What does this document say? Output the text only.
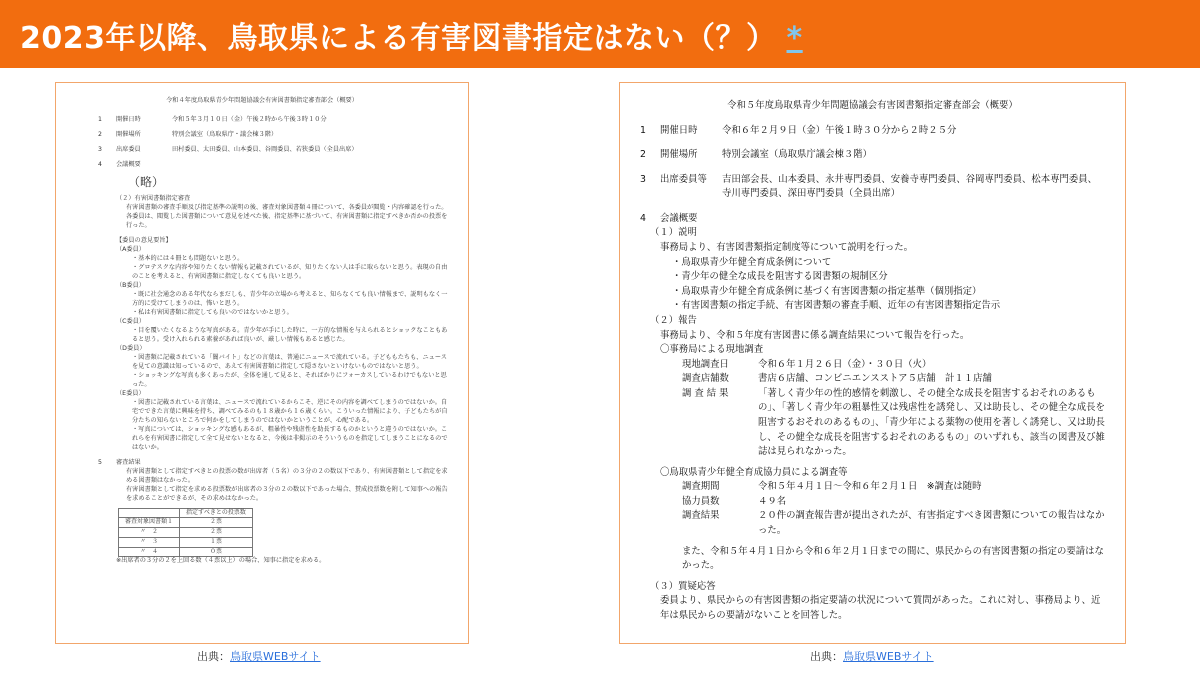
2023年以降、鳥取県による有害図書指定はない（？） *
令和４年度鳥取県青少年問題協議会有害図書類指定審査部会（概要）
1 開催日時	令和５年３月１０日（金）午後２時から午後３時１０分
2 開催場所	特別会議室（鳥取県庁・議会棟３階）
3 出席委員	田村委員、太田委員、山本委員、谷岡委員、若狭委員（全員出席）
4 会議概要
（略）
（２）有害図書類指定審査
有害図書類の審査手順及び指定基準の説明の後、審査対象図書類４冊について、各委員が閲覧・内容確認を行った。
各委員は、閲覧した図書類について意見を述べた後、指定基準に基づいて、有害図書類に指定すべきか否かの投票を行った。
【委員の意見要旨】
（A委員）
・基本的には４冊とも問題ないと思う。
・グロテスクな内容や知りたくない情報も記載されているが、知りたくない人は手に取らないと思う。表現の自由のことを考えると、有害図書類に指定しなくても良いと思う。
（B委員）
・既に社会通念のある年代ならまだしも、青少年の立場から考えると、知らなくても良い情報まで、説明もなく一方的に受けてしまうのは、怖いと思う。
・私は有害図書類に指定しても良いのではないかと思う。
（C委員）
・目を覆いたくなるような写真がある。青少年が手にした時に、一方的な情報を与えられるとショックなこともあると思う。受け入れられる素養があれば良いが、厳しい情報もあると感じた。
（D委員）
・図書類に記載されている「闇バイト」などの言葉は、普通にニュースで流れている。子どももたちも、ニュースを見ての意識は知っているので、あえて有害図書類に指定して隠さないといけないものではないと思う。
・ショッキングな写真も多くあったが、全体を通して見ると、そればかりにフォーカスしているわけでもないと思った。
（E委員）
・図書に記載されている言葉は、ニュースで流れているからこそ、逆にその内容を調べてしまうのではないか。自宅でできた言葉に興味を持ち、調べてみるのも１８歳から１６歳くらい。こういった情報により、子どもたちが自分たちの知らないところで何かをしてしまうのではないかということが、心配である。
・写真については、ショッキングな感もあるが、粗暴性や残虐性を助長するものかというと違うのではないか。これらを有害図書に指定して全て見せないとなると、今後は非掲示のそういうものを指定してしまうことになるのではないか。
5 審査結果
有害図書類として指定すべきとの投票の数が出席者（５名）の３分の２の数以下であり、有害図書類として指定を求める図書類はなかった。
有害図書類として指定を求める投票数が出席者の３分の２の数以下であった場合、賛成投票数を附して知事への報告を求めることができるが、その求めはなかった。
	指定すべきとの投票数
審査対象図書類１	２票
〃　２	２票
〃　３	１票
〃　４	０票
※出席者の３分の２を上回る数（４票以上）の場合、知事に指定を求める。
令和５年度鳥取県青少年問題協議会有害図書類指定審査部会（概要）
1 開催日時	令和６年２月９日（金）午後１時３０分から２時２５分
2 開催場所	特別会議室（鳥取県庁議会棟３階）
3 出席委員等 吉田部会長、山本委員、永井専門委員、安養寺専門委員、谷岡専門委員、松本専門委員、
寺川専門委員、深田専門委員（全員出席）
4 会議概要
（１）説明
事務局より、有害図書類指定制度等について説明を行った。
・鳥取県青少年健全育成条例について
・青少年の健全な成長を阻害する図書類の規制区分
・鳥取県青少年健全育成条例に基づく有害図書類の指定基準（個別指定）
・有害図書類の指定手続、有害図書類の審査手順、近年の有害図書類指定告示
（２）報告
事務局より、令和５年度有害図書に係る調査結果について報告を行った。
〇事務局による現地調査
現地調査日	令和６年１月２６日（金）・３０日（火）
調査店舗数	書店６店舗、コンビニエンスストア５店舗　計１１店舗
調 査 結 果	「著しく青少年の性的感情を刺激し、その健全な成長を阻害するおそれのあるもの」、「著しく青少年の粗暴性又は残虐性を誘発し、又は助長し、その健全な成長を阻害するおそれのあるもの」、「青少年による薬物の使用を著しく誘発し、又は助長し、その健全な成長を阻害するおそれのあるもの」のいずれも、該当の図書及び雑誌は見られなかった。
〇鳥取県青少年健全育成協力員による調査等
調査期間	令和５年４月１日～令和６年２月１日　※調査は随時
協力員数	４９名
調査結果	２０件の調査報告書が提出されたが、有害指定すべき図書類についての報告はなかった。
また、令和５年４月１日から令和６年２月１日までの間に、県民からの有害図書類の指定の要請はなかった。
（３）質疑応答
委員より、県民からの有害図書類の指定要請の状況について質問があった。これに対し、事務局より、近年は県民からの要請がないことを回答した。
出典：鳥取県WEBサイト	出典：鳥取県WEBサイト
